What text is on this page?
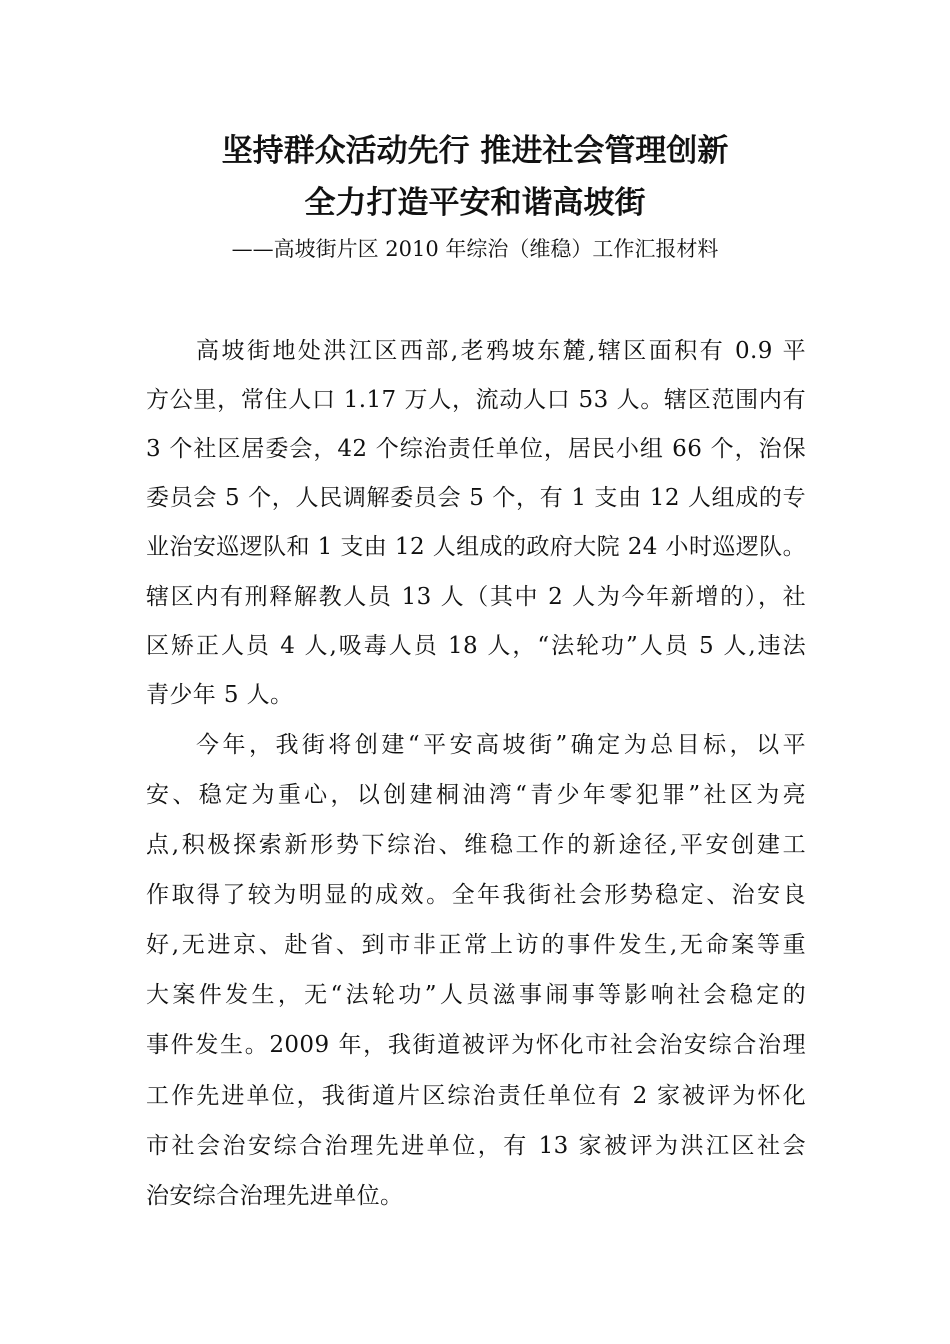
坚持群众活动先行 推进社会管理创新
全力打造平安和谐高坡街
——高坡街片区 2010 年综治（维稳）工作汇报材料
高坡街地处洪江区西部,老鸦坡东麓,辖区面积有 0.9 平
方公里，常住人口 1.17 万人，流动人口 53 人。辖区范围内有
3 个社区居委会，42 个综治责任单位，居民小组 66 个，治保
委员会 5 个，人民调解委员会 5 个，有 1 支由 12 人组成的专
业治安巡逻队和 1 支由 12 人组成的政府大院 24 小时巡逻队。
辖区内有刑释解教人员 13 人（其中 2 人为今年新增的），社
区矫正人员 4 人,吸毒人员 18 人，“法轮功”人员 5 人,违法
青少年 5 人。
今年，我街将创建“平安高坡街”确定为总目标，以平
安、稳定为重心，以创建桐油湾“青少年零犯罪”社区为亮
点,积极探索新形势下综治、维稳工作的新途径,平安创建工
作取得了较为明显的成效。全年我街社会形势稳定、治安良
好,无进京、赴省、到市非正常上访的事件发生,无命案等重
大案件发生，无“法轮功”人员滋事闹事等影响社会稳定的
事件发生。2009 年，我街道被评为怀化市社会治安综合治理
工作先进单位，我街道片区综治责任单位有 2 家被评为怀化
市社会治安综合治理先进单位，有 13 家被评为洪江区社会
治安综合治理先进单位。
